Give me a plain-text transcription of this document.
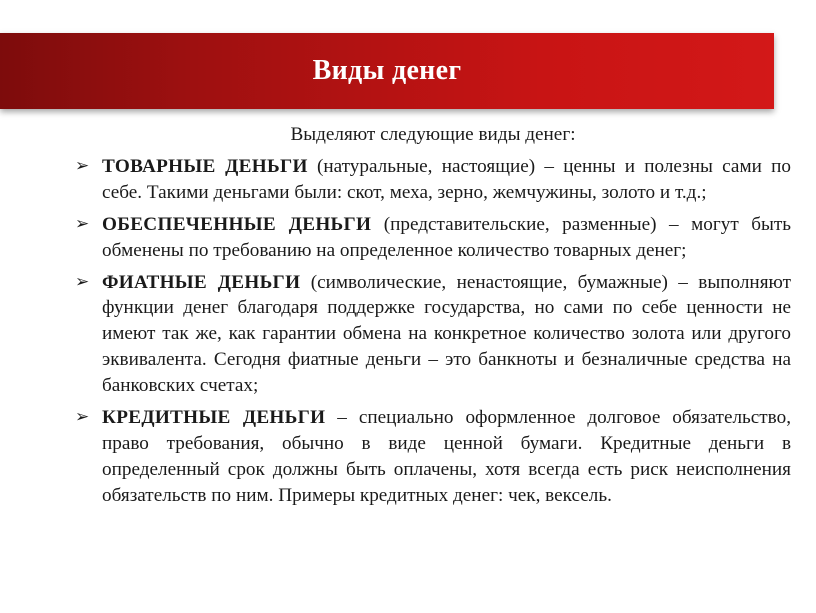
Виды денег

Выделяют следующие виды денег:

➢ ТОВАРНЫЕ ДЕНЬГИ (натуральные, настоящие) – ценны и полезны сами по себе. Такими деньгами были: скот, меха, зерно, жемчужины, золото и т.д.;

➢ ОБЕСПЕЧЕННЫЕ ДЕНЬГИ (представительские, разменные) – могут быть обменены по требованию на определенное количество товарных денег;

➢ ФИАТНЫЕ ДЕНЬГИ (символические, ненастоящие, бумажные) – выполняют функции денег благодаря поддержке государства, но сами по себе ценности не имеют так же, как гарантии обмена на конкретное количество золота или другого эквивалента. Сегодня фиатные деньги – это банкноты и безналичные средства на банковских счетах;

➢ КРЕДИТНЫЕ ДЕНЬГИ – специально оформленное долговое обязательство, право требования, обычно в виде ценной бумаги. Кредитные деньги в определенный срок должны быть оплачены, хотя всегда есть риск неисполнения обязательств по ним. Примеры кредитных денег: чек, вексель.
